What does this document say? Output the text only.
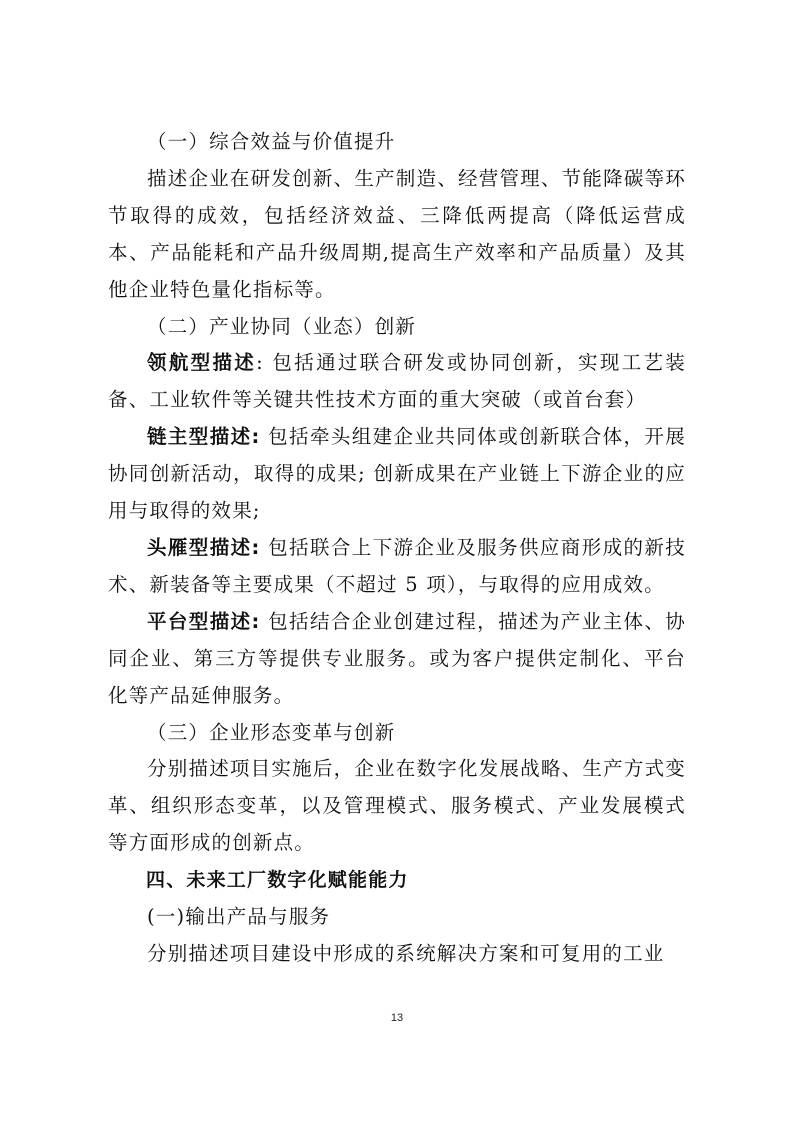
（一）综合效益与价值提升

描述企业在研发创新、生产制造、经营管理、节能降碳等环节取得的成效，包括经济效益、三降低两提高（降低运营成本、产品能耗和产品升级周期,提高生产效率和产品质量）及其他企业特色量化指标等。

（二）产业协同（业态）创新

领航型描述: 包括通过联合研发或协同创新，实现工艺装备、工业软件等关键共性技术方面的重大突破（或首台套）

链主型描述: 包括牵头组建企业共同体或创新联合体，开展协同创新活动，取得的成果; 创新成果在产业链上下游企业的应用与取得的效果;

头雁型描述: 包括联合上下游企业及服务供应商形成的新技术、新装备等主要成果（不超过 5 项），与取得的应用成效。

平台型描述: 包括结合企业创建过程，描述为产业主体、协同企业、第三方等提供专业服务。或为客户提供定制化、平台化等产品延伸服务。

（三）企业形态变革与创新

分别描述项目实施后，企业在数字化发展战略、生产方式变革、组织形态变革，以及管理模式、服务模式、产业发展模式等方面形成的创新点。

四、未来工厂数字化赋能能力

(一)输出产品与服务

分别描述项目建设中形成的系统解决方案和可复用的工业

13
